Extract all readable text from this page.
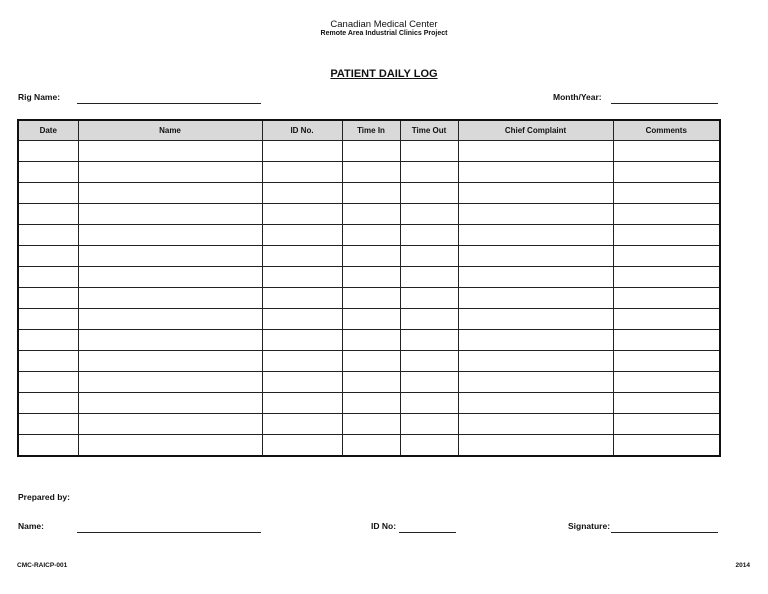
Canadian Medical Center
Remote Area Industrial Clinics Project
PATIENT DAILY LOG
Rig Name:	Month/Year:
Date	Name	ID No.	Time In	Time Out	Chief Complaint	Comments

Prepared by:
Name:	ID No:	Signature:
CMC-RAICP-001	2014
